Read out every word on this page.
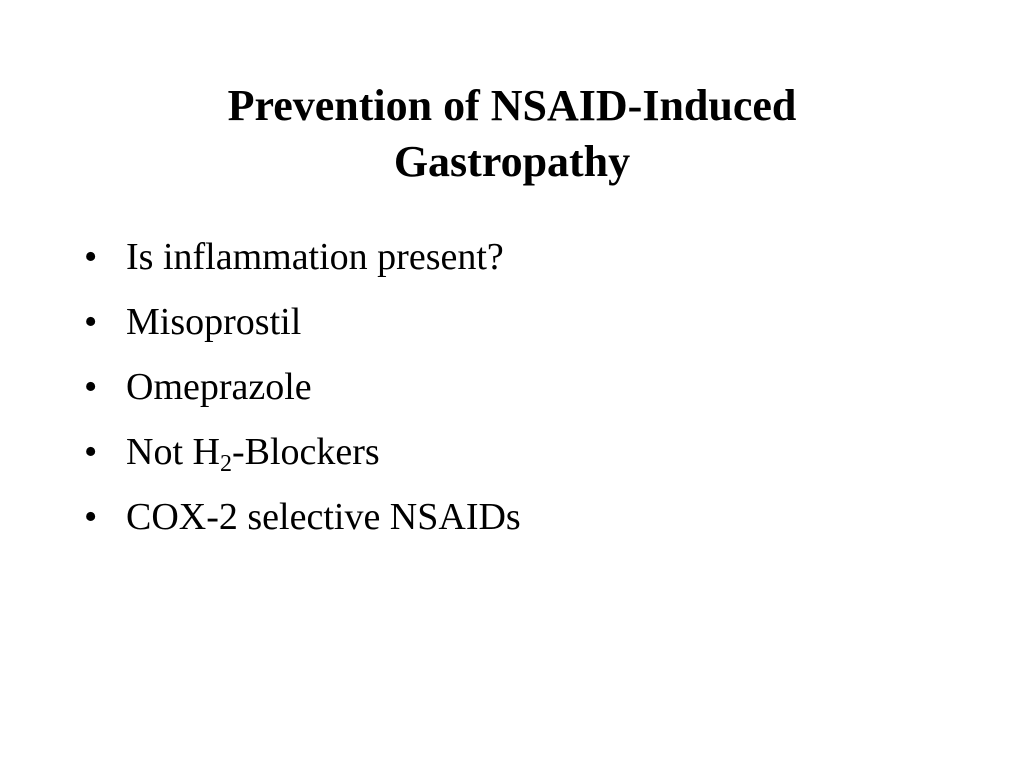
Prevention of NSAID-Induced
Gastropathy
• Is inflammation present?
• Misoprostil
• Omeprazole
• Not $H_2$-Blockers
• COX-2 selective NSAIDs
